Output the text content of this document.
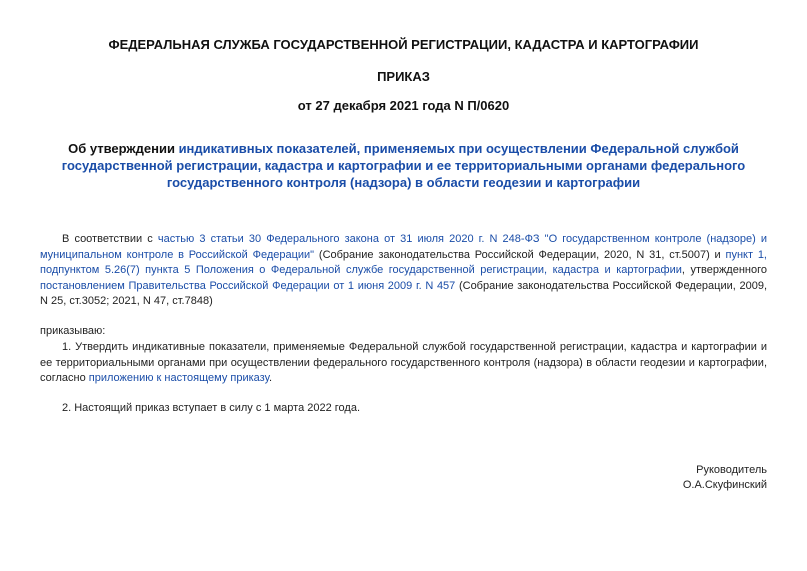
ФЕДЕРАЛЬНАЯ СЛУЖБА ГОСУДАРСТВЕННОЙ РЕГИСТРАЦИИ, КАДАСТРА И КАРТОГРАФИИ
ПРИКАЗ
от 27 декабря 2021 года N П/0620
Об утверждении индикативных показателей, применяемых при осуществлении Федеральной службой государственной регистрации, кадастра и картографии и ее территориальными органами федерального государственного контроля (надзора) в области геодезии и картографии
В соответствии с частью 3 статьи 30 Федерального закона от 31 июля 2020 г. N 248-ФЗ "О государственном контроле (надзоре) и муниципальном контроле в Российской Федерации" (Собрание законодательства Российской Федерации, 2020, N 31, ст.5007) и пункт 1, подпунктом 5.26(7) пункта 5 Положения о Федеральной службе государственной регистрации, кадастра и картографии, утвержденного постановлением Правительства Российской Федерации от 1 июня 2009 г. N 457 (Собрание законодательства Российской Федерации, 2009, N 25, ст.3052; 2021, N 47, ст.7848)
приказываю:
1. Утвердить индикативные показатели, применяемые Федеральной службой государственной регистрации, кадастра и картографии и ее территориальными органами при осуществлении федерального государственного контроля (надзора) в области геодезии и картографии, согласно приложению к настоящему приказу.
2. Настоящий приказ вступает в силу с 1 марта 2022 года.
Руководитель
О.А.Скуфинский
